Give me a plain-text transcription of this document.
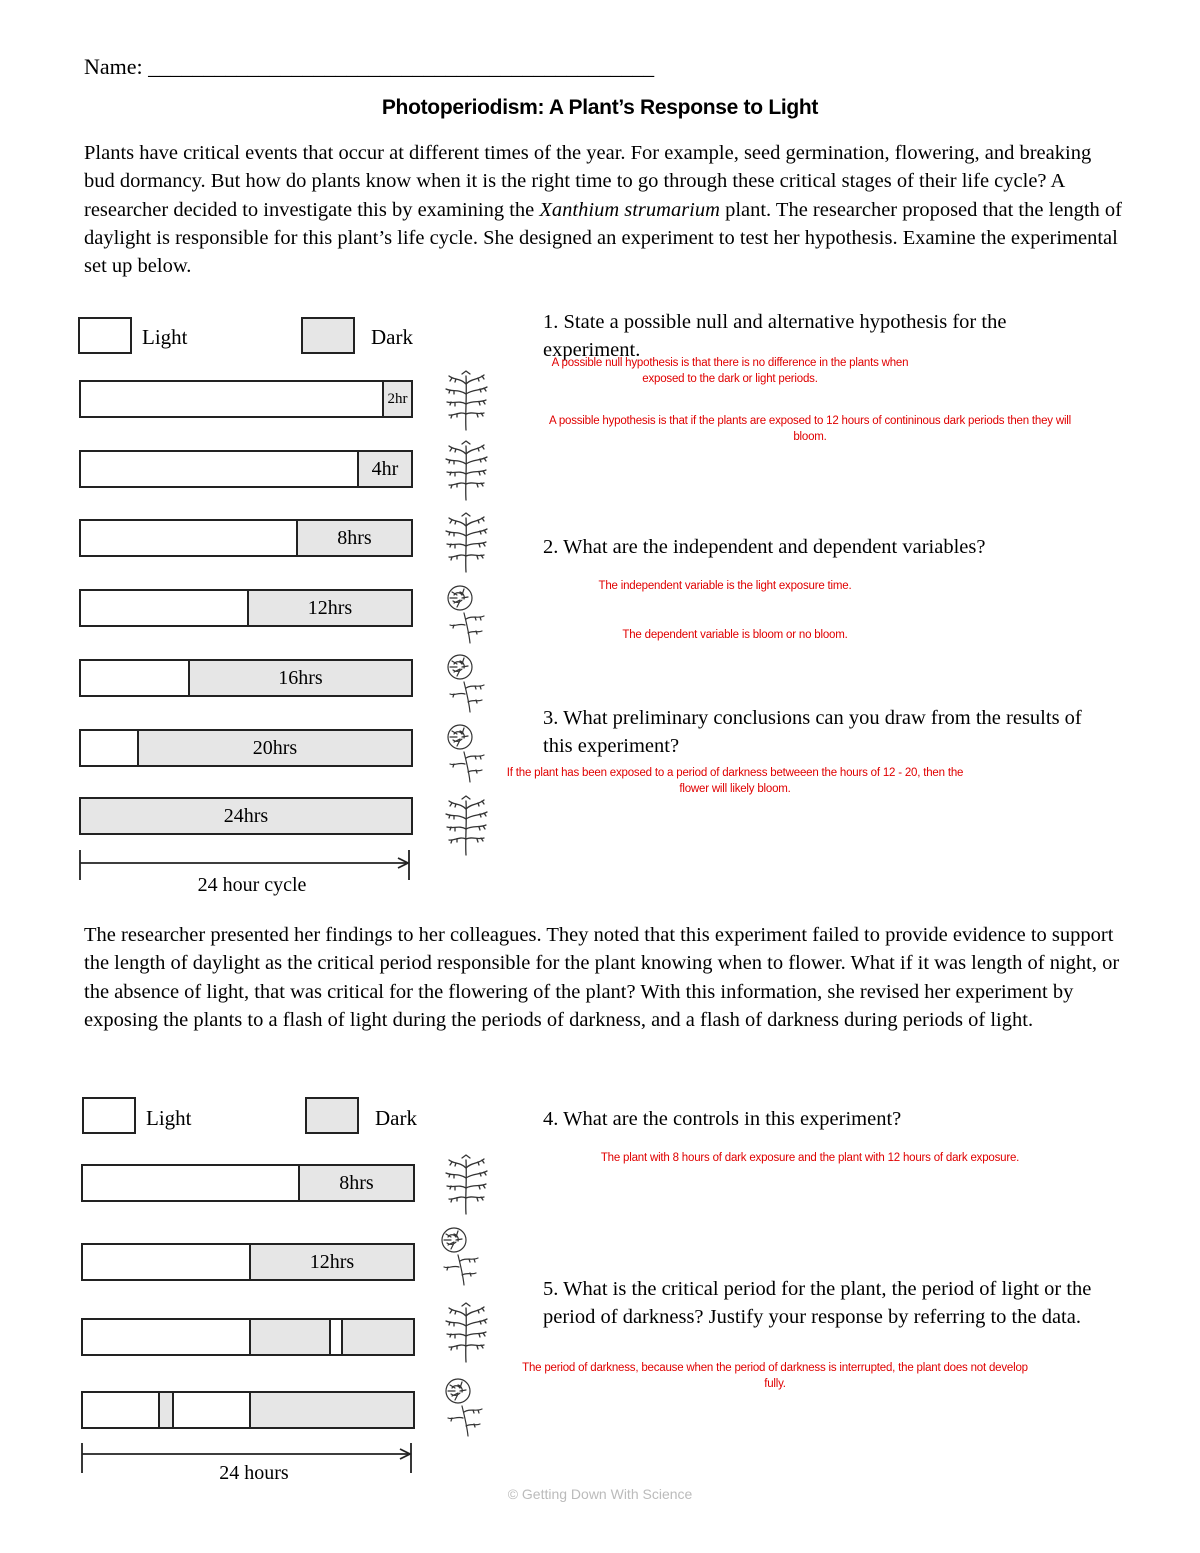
Name: ______________________________________________
Photoperiodism: A Plant’s Response to Light
Plants have critical events that occur at different times of the year. For example, seed germination, flowering, and breaking bud dormancy. But how do plants know when it is the right time to go through these critical stages of their life cycle? A researcher decided to investigate this by examining the Xanthium strumarium plant. The researcher proposed that the length of daylight is responsible for this plant’s life cycle. She designed an experiment to test her hypothesis. Examine the experimental set up below.
Light	Dark
2hr
4hr
8hrs
12hrs
16hrs
20hrs
24hrs
24 hour cycle
1. State a possible null and alternative hypothesis for the experiment.
A possible null hypothesis is that there is no difference in the plants when exposed to the dark or light periods.
A possible hypothesis is that if the plants are exposed to 12 hours of contininous dark periods then they will bloom.
2. What are the independent and dependent variables?
The independent variable is the light exposure time.
The dependent variable is bloom or no bloom.
3. What preliminary conclusions can you draw from the results of this experiment?
If the plant has been exposed to a period of darkness betweeen the hours of 12 - 20, then the flower will likely bloom.
The researcher presented her findings to her colleagues. They noted that this experiment failed to provide evidence to support the length of daylight as the critical period responsible for the plant knowing when to flower. What if it was length of night, or the absence of light, that was critical for the flowering of the plant? With this information, she revised her experiment by exposing the plants to a flash of light during the periods of darkness, and a flash of darkness during periods of light.
Light	Dark
8hrs
12hrs
24 hours
4. What are the controls in this experiment?
The plant with 8 hours of dark exposure and the plant with 12 hours of dark exposure.
5. What is the critical period for the plant, the period of light or the period of darkness? Justify your response by referring to the data.
The period of darkness, because when the period of darkness is interrupted, the plant does not develop fully.
© Getting Down With Science
